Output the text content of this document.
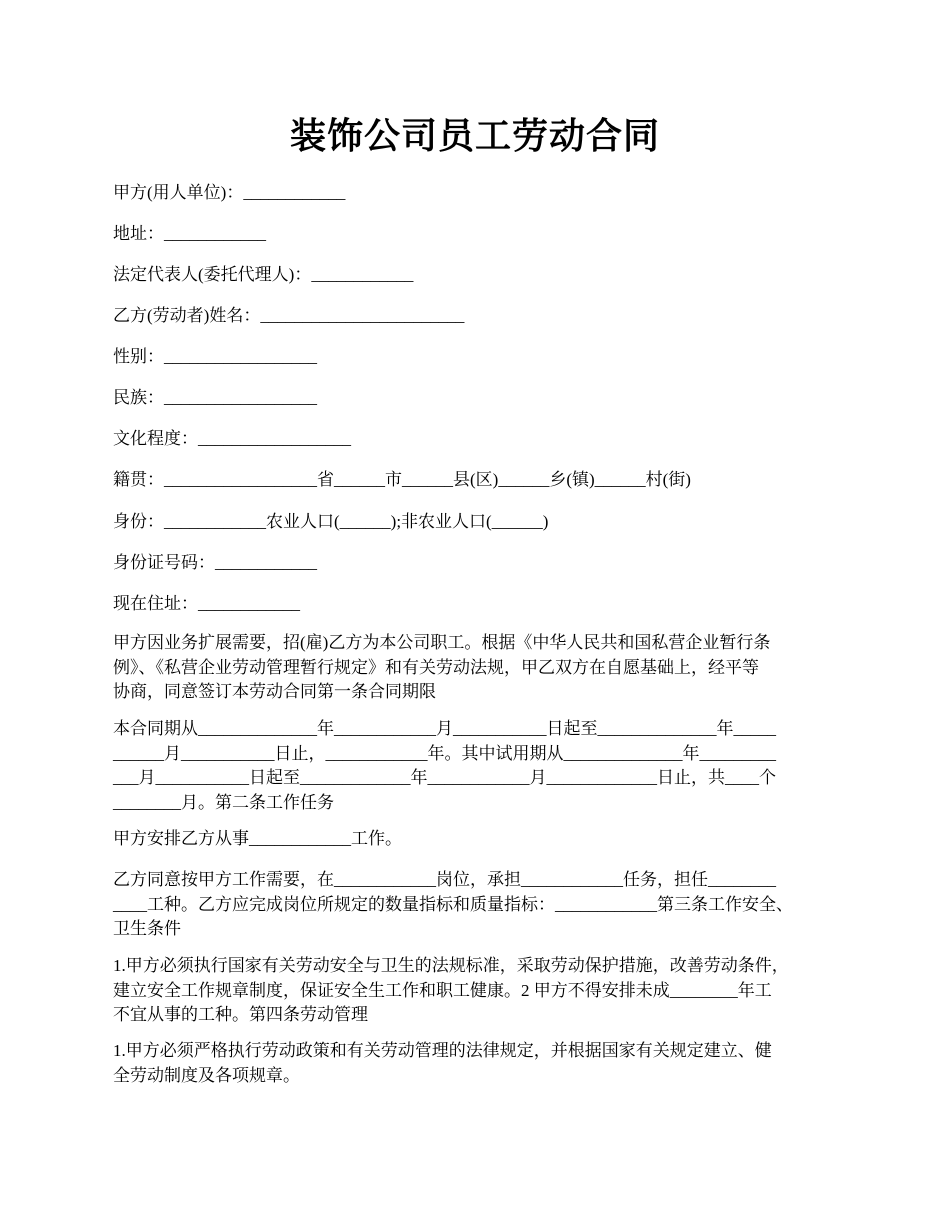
装饰公司员工劳动合同
甲方(用人单位)：____________
地址：____________
法定代表人(委托代理人)：____________
乙方(劳动者)姓名：________________________
性别：__________________
民族：__________________
文化程度：__________________
籍贯：__________________省______市______县(区)______乡(镇)______村(街)
身份：____________农业人口(______);非农业人口(______)
身份证号码：____________
现在住址：____________
甲方因业务扩展需要，招(雇)乙方为本公司职工。根据《中华人民共和国私营企业暂行条
例》、《私营企业劳动管理暂行规定》和有关劳动法规，甲乙双方在自愿基础上，经平等
协商，同意签订本劳动合同第一条合同期限
本合同期从______________年____________月___________日起至______________年_____
______月___________日止，____________年。其中试用期从______________年_________
___月___________日起至_____________年____________月_____________日止，共____个
________月。第二条工作任务
甲方安排乙方从事____________工作。
乙方同意按甲方工作需要，在____________岗位，承担____________任务，担任________
____工种。乙方应完成岗位所规定的数量指标和质量指标：____________第三条工作安全、
卫生条件
1.甲方必须执行国家有关劳动安全与卫生的法规标准，采取劳动保护措施，改善劳动条件，
建立安全工作规章制度，保证安全生工作和职工健康。2 甲方不得安排未成________年工
不宜从事的工种。第四条劳动管理
1.甲方必须严格执行劳动政策和有关劳动管理的法律规定，并根据国家有关规定建立、健
全劳动制度及各项规章。
